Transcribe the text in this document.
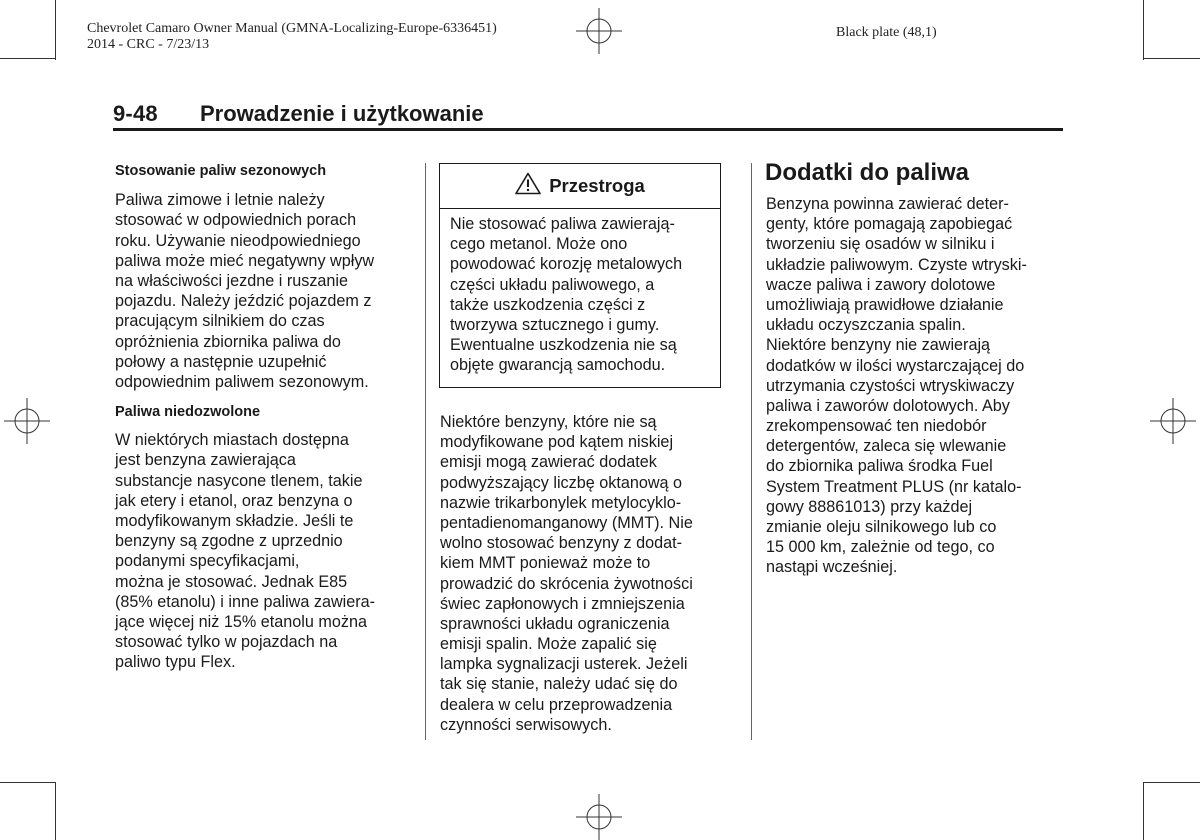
Chevrolet Camaro Owner Manual (GMNA-Localizing-Europe-6336451)
2014 - CRC - 7/23/13
Black plate (48,1)
9-48 Prowadzenie i użytkowanie
Stosowanie paliw sezonowych
Paliwa zimowe i letnie należy
stosować w odpowiednich porach
roku. Używanie nieodpowiedniego
paliwa może mieć negatywny wpływ
na właściwości jezdne i ruszanie
pojazdu. Należy jeździć pojazdem z
pracującym silnikiem do czas
opróżnienia zbiornika paliwa do
połowy a następnie uzupełnić
odpowiednim paliwem sezonowym.
Paliwa niedozwolone
W niektórych miastach dostępna
jest benzyna zawierająca
substancje nasycone tlenem, takie
jak etery i etanol, oraz benzyna o
modyfikowanym składzie. Jeśli te
benzyny są zgodne z uprzednio
podanymi specyfikacjami,
można je stosować. Jednak E85
(85% etanolu) i inne paliwa zawiera-
jące więcej niż 15% etanolu można
stosować tylko w pojazdach na
paliwo typu Flex.
Przestroga
Nie stosować paliwa zawierają-
cego metanol. Może ono
powodować korozję metalowych
części układu paliwowego, a
także uszkodzenia części z
tworzywa sztucznego i gumy.
Ewentualne uszkodzenia nie są
objęte gwarancją samochodu.
Niektóre benzyny, które nie są
modyfikowane pod kątem niskiej
emisji mogą zawierać dodatek
podwyższający liczbę oktanową o
nazwie trikarbonylek metylocyklo-
pentadienomanganowy (MMT). Nie
wolno stosować benzyny z dodat-
kiem MMT ponieważ może to
prowadzić do skrócenia żywotności
świec zapłonowych i zmniejszenia
sprawności układu ograniczenia
emisji spalin. Może zapalić się
lampka sygnalizacji usterek. Jeżeli
tak się stanie, należy udać się do
dealera w celu przeprowadzenia
czynności serwisowych.
Dodatki do paliwa
Benzyna powinna zawierać deter-
genty, które pomagają zapobiegać
tworzeniu się osadów w silniku i
układzie paliwowym. Czyste wtryski-
wacze paliwa i zawory dolotowe
umożliwiają prawidłowe działanie
układu oczyszczania spalin.
Niektóre benzyny nie zawierają
dodatków w ilości wystarczającej do
utrzymania czystości wtryskiwaczy
paliwa i zaworów dolotowych. Aby
zrekompensować ten niedobór
detergentów, zaleca się wlewanie
do zbiornika paliwa środka Fuel
System Treatment PLUS (nr katalo-
gowy 88861013) przy każdej
zmianie oleju silnikowego lub co
15 000 km, zależnie od tego, co
nastąpi wcześniej.
